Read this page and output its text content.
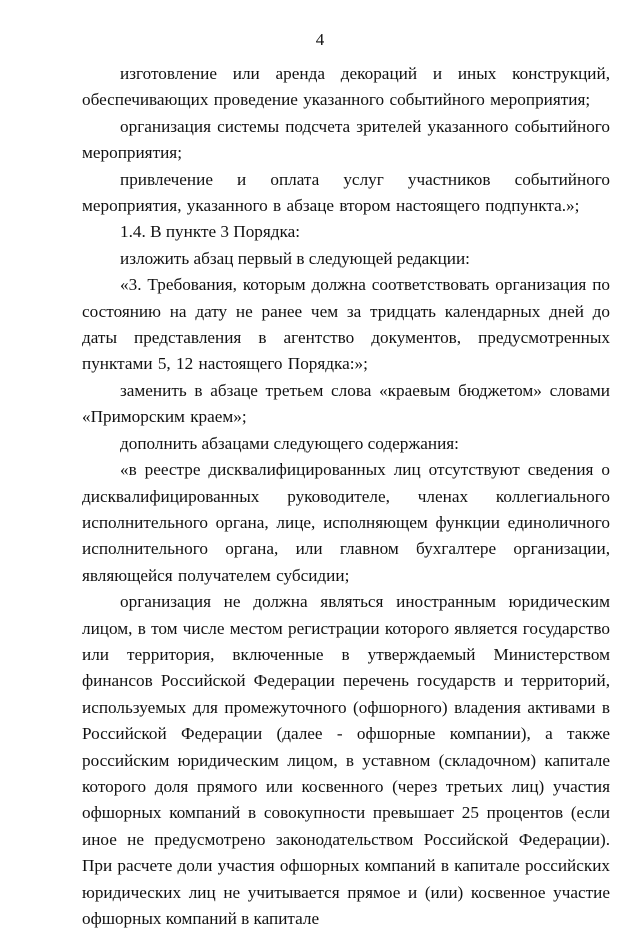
4

изготовление или аренда декораций и иных конструкций, обеспечивающих проведение указанного событийного мероприятия;

организация системы подсчета зрителей указанного событийного мероприятия;

привлечение и оплата услуг участников событийного мероприятия, указанного в абзаце втором настоящего подпункта.»;

1.4. В пункте 3 Порядка:

изложить абзац первый в следующей редакции:

«3. Требования, которым должна соответствовать организация по состоянию на дату не ранее чем за тридцать календарных дней до даты представления в агентство документов, предусмотренных пунктами 5, 12 настоящего Порядка:»;

заменить в абзаце третьем слова «краевым бюджетом» словами «Приморским краем»;

дополнить абзацами следующего содержания:

«в реестре дисквалифицированных лиц отсутствуют сведения о дисквалифицированных руководителе, членах коллегиального исполнительного органа, лице, исполняющем функции единоличного исполнительного органа, или главном бухгалтере организации, являющейся получателем субсидии;

организация не должна являться иностранным юридическим лицом, в том числе местом регистрации которого является государство или территория, включенные в утверждаемый Министерством финансов Российской Федерации перечень государств и территорий, используемых для промежуточного (офшорного) владения активами в Российской Федерации (далее - офшорные компании), а также российским юридическим лицом, в уставном (складочном) капитале которого доля прямого или косвенного (через третьих лиц) участия офшорных компаний в совокупности превышает 25 процентов (если иное не предусмотрено законодательством Российской Федерации). При расчете доли участия офшорных компаний в капитале российских юридических лиц не учитывается прямое и (или) косвенное участие офшорных компаний в капитале
